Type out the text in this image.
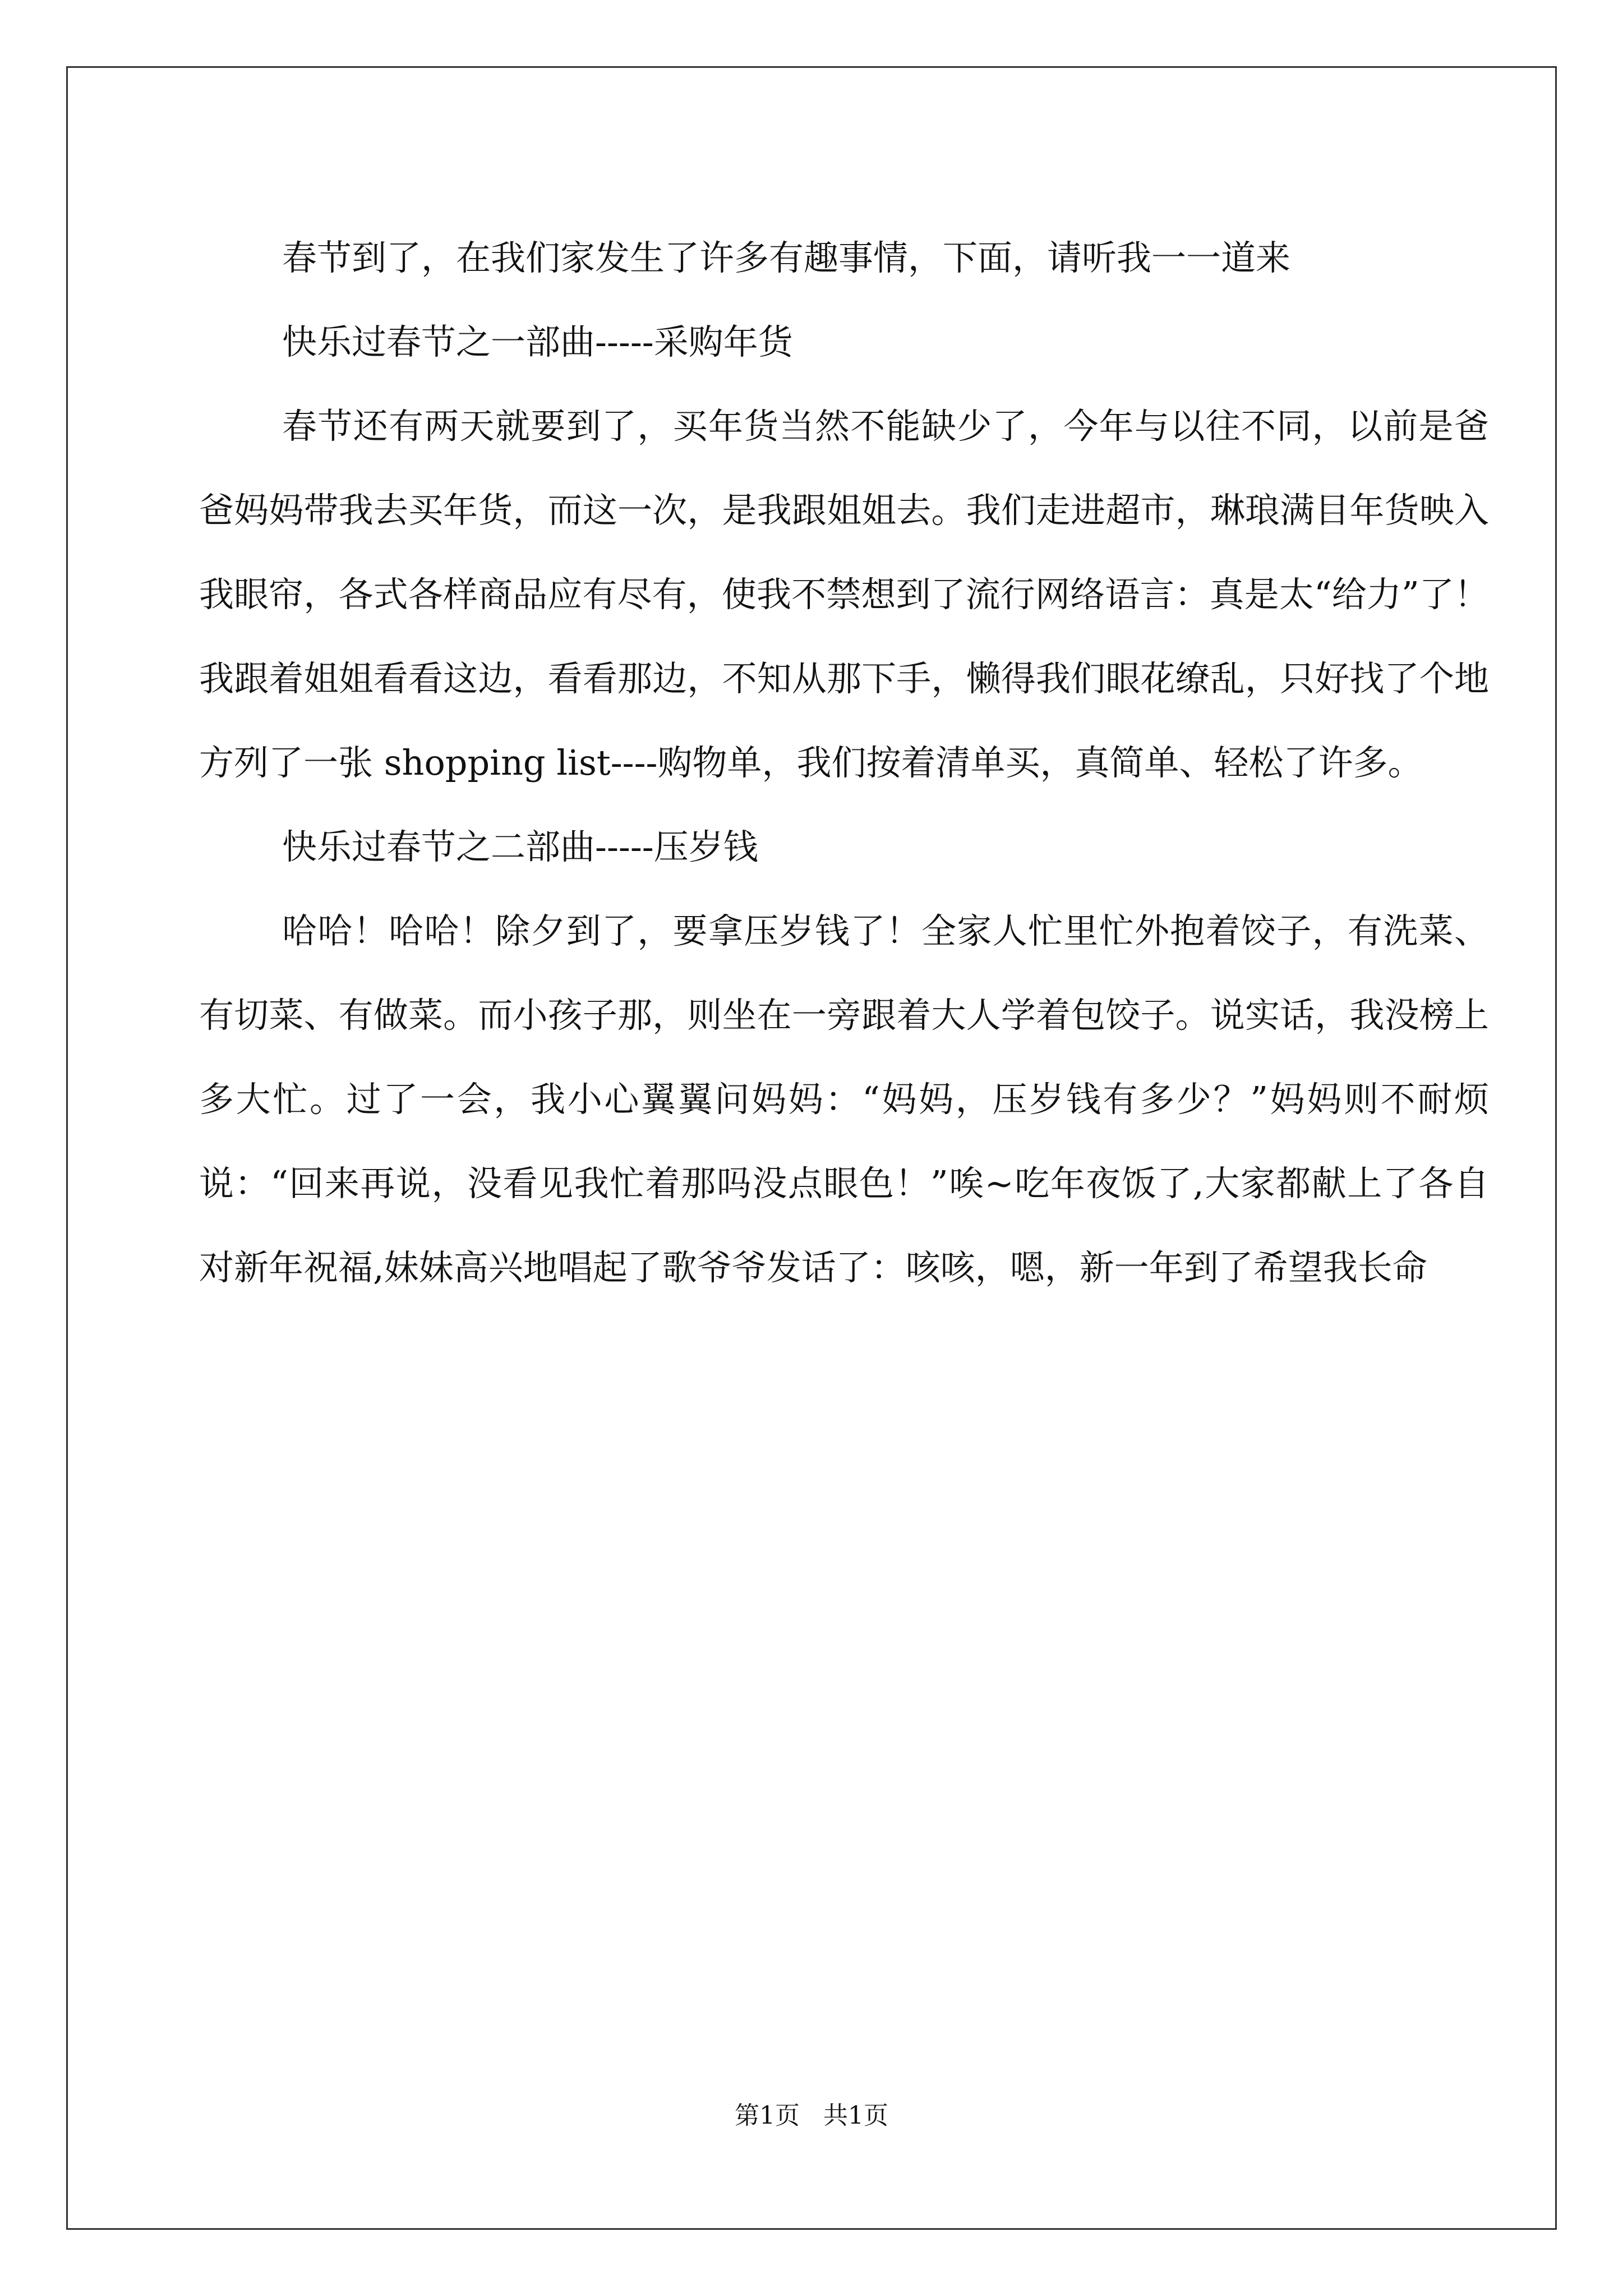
春节到了，在我们家发生了许多有趣事情，下面，请听我一一道来

快乐过春节之一部曲-----采购年货

春节还有两天就要到了，买年货当然不能缺少了，今年与以往不同，以前是爸爸妈妈带我去买年货，而这一次，是我跟姐姐去。我们走进超市，琳琅满目年货映入我眼帘，各式各样商品应有尽有，使我不禁想到了流行网络语言：真是太“给力”了！我跟着姐姐看看这边，看看那边，不知从那下手，懒得我们眼花缭乱，只好找了个地方列了一张 shopping list----购物单，我们按着清单买，真简单、轻松了许多。

快乐过春节之二部曲-----压岁钱

哈哈！哈哈！除夕到了，要拿压岁钱了！全家人忙里忙外抱着饺子，有洗菜、有切菜、有做菜。而小孩子那，则坐在一旁跟着大人学着包饺子。说实话，我没榜上多大忙。过了一会，我小心翼翼问妈妈：“妈妈，压岁钱有多少？”妈妈则不耐烦说：“回来再说，没看见我忙着那吗没点眼色！”唉~吃年夜饭了,大家都献上了各自对新年祝福,妹妹高兴地唱起了歌爷爷发话了：咳咳，嗯，新一年到了希望我长命

第1页   共1页
